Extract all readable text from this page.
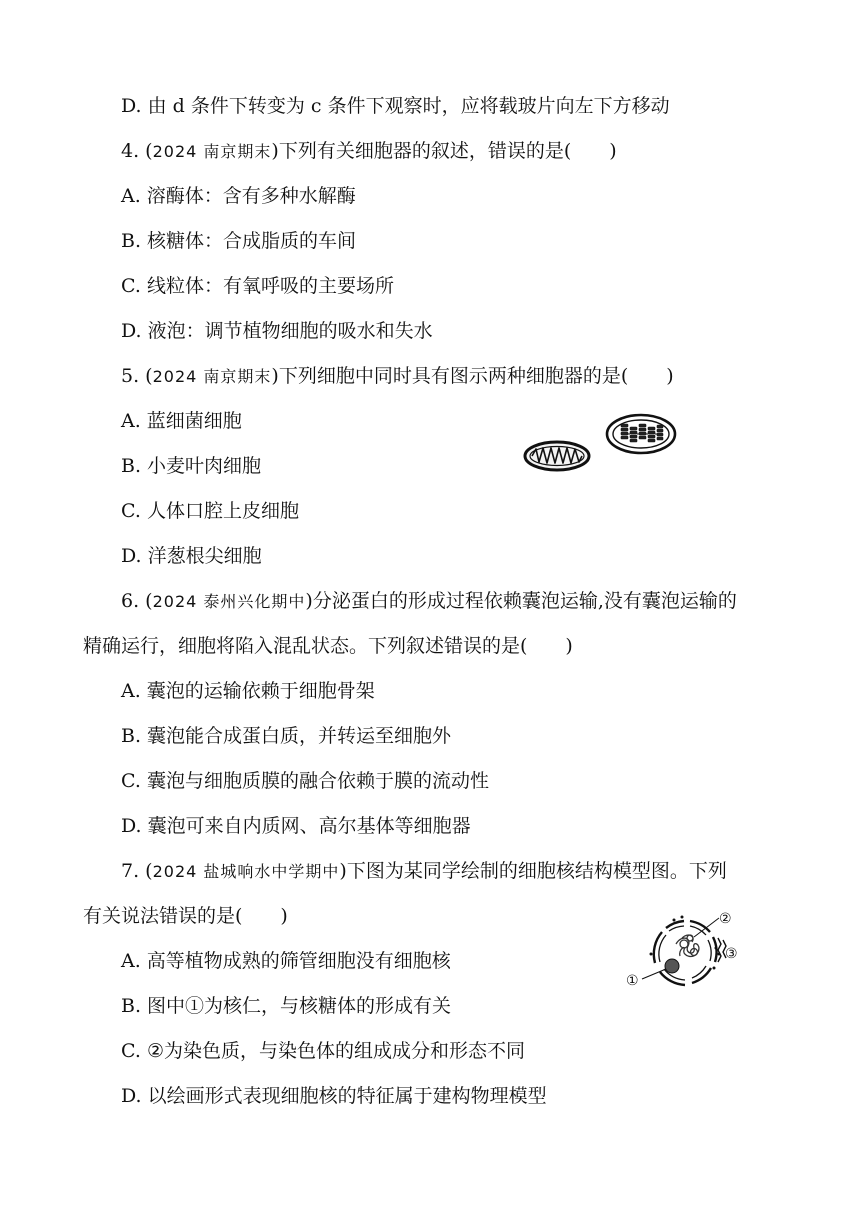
D. 由 d 条件下转变为 c 条件下观察时，应将载玻片向左下方移动
4. (2024 南京期末)下列有关细胞器的叙述，错误的是(　　)
A. 溶酶体：含有多种水解酶
B. 核糖体：合成脂质的车间
C. 线粒体：有氧呼吸的主要场所
D. 液泡：调节植物细胞的吸水和失水
5. (2024 南京期末)下列细胞中同时具有图示两种细胞器的是(　　)
A. 蓝细菌细胞
B. 小麦叶肉细胞
C. 人体口腔上皮细胞
D. 洋葱根尖细胞
6. (2024 泰州兴化期中)分泌蛋白的形成过程依赖囊泡运输,没有囊泡运输的
精确运行，细胞将陷入混乱状态。下列叙述错误的是(　　)
A. 囊泡的运输依赖于细胞骨架
B. 囊泡能合成蛋白质，并转运至细胞外
C. 囊泡与细胞质膜的融合依赖于膜的流动性
D. 囊泡可来自内质网、高尔基体等细胞器
7. (2024 盐城响水中学期中)下图为某同学绘制的细胞核结构模型图。下列
有关说法错误的是(　　)
A. 高等植物成熟的筛管细胞没有细胞核
B. 图中①为核仁，与核糖体的形成有关
C. ②为染色质，与染色体的组成成分和形态不同
D. 以绘画形式表现细胞核的特征属于建构物理模型
①
②
③
